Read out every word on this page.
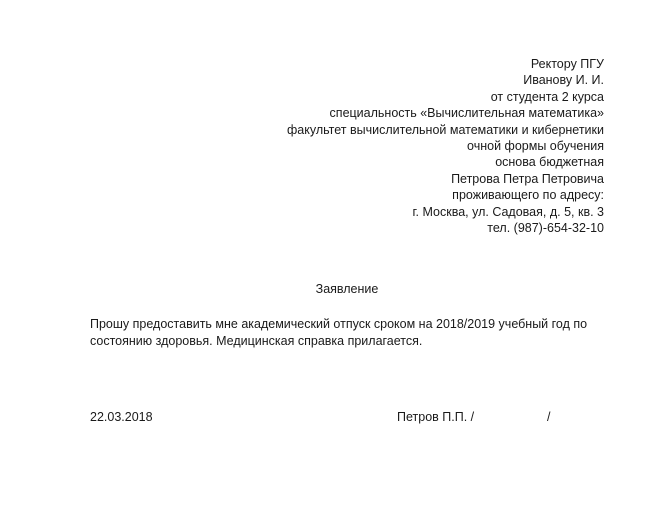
Ректору ПГУ
Иванову И. И.
от студента 2 курса
специальность «Вычислительная математика»
факультет вычислительной математики и кибернетики
очной формы обучения
основа бюджетная
Петрова Петра Петровича
проживающего по адресу:
г. Москва, ул. Садовая, д. 5, кв. 3
тел. (987)-654-32-10
Заявление
Прошу предоставить мне академический отпуск сроком на 2018/2019 учебный год по состоянию здоровья. Медицинская справка прилагается.
22.03.2018	Петров П.П. /	/
